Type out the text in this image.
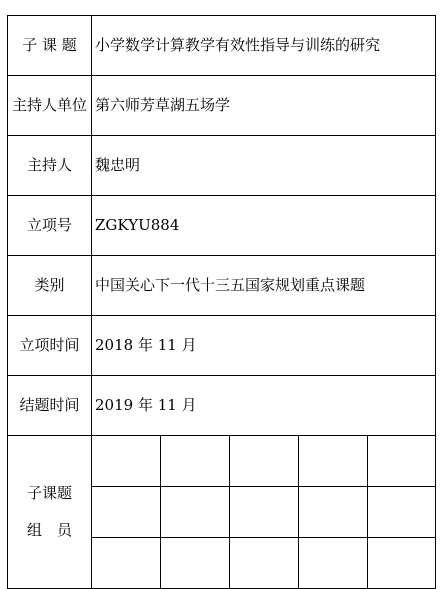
子 课 题	小学数学计算教学有效性指导与训练的研究				
主持人单位	第六师芳草湖五场学				
主持人	魏忠明				
立项号	ZGKYU884				
类别	中国关心下一代十三五国家规划重点课题				
立项时间	2018 年 11 月				
结题时间	2019 年 11 月				

子课题
组　员					
